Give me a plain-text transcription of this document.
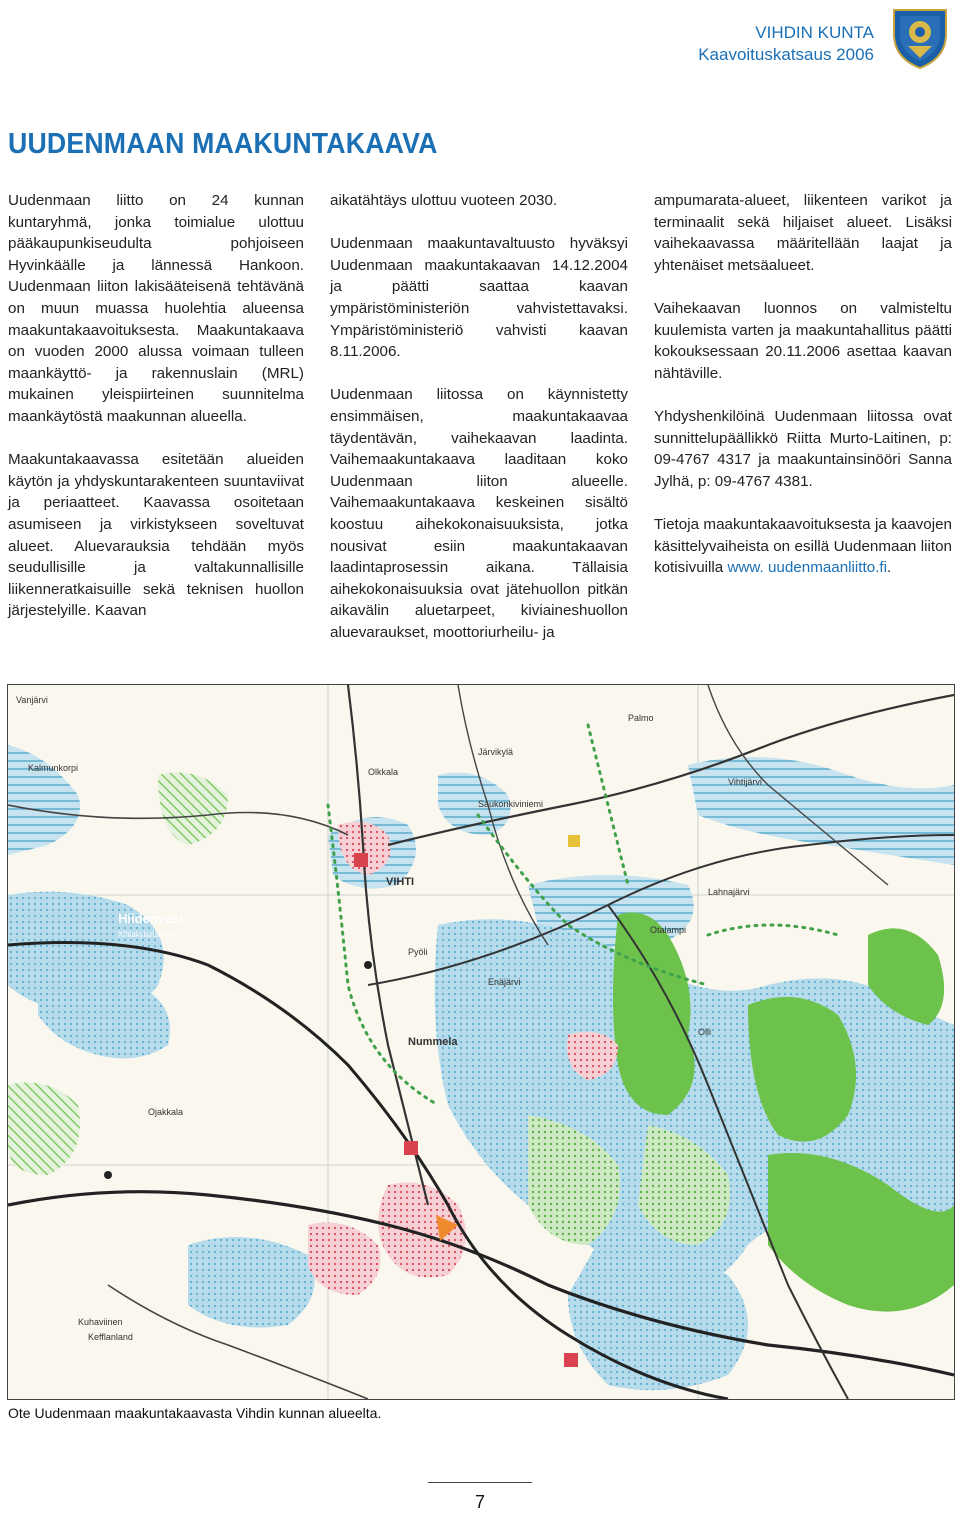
VIHDIN KUNTA
Kaavoituskatsaus 2006
UUDENMAAN MAAKUNTAKAAVA

Uudenmaan liitto on 24 kunnan kuntaryhmä, jonka toimialue ulottuu pääkaupunkiseudulta pohjoiseen Hyvinkäälle ja lännessä Hankoon. Uudenmaan liiton lakisääteisenä tehtävänä on muun muassa huolehtia alueensa maakuntakaavoituksesta. Maakuntakaava on vuoden 2000 alussa voimaan tulleen maankäyttö- ja rakennuslain (MRL) mukainen yleispiirteinen suunnitelma maankäytöstä maakunnan alueella.

Maakuntakaavassa esitetään alueiden käytön ja yhdyskuntarakenteen suuntaviivat ja periaatteet. Kaavassa osoitetaan asumiseen ja virkistykseen soveltuvat alueet. Aluevarauksia tehdään myös seudullisille ja valtakunnallisille liikenneratkaisuille sekä teknisen huollon järjestelyille. Kaavan

aikatähtäys ulottuu vuoteen 2030.

Uudenmaan maakuntavaltuusto hyväksyi Uudenmaan maakuntakaavan 14.12.2004 ja päätti saattaa kaavan ympäristöministeriön vahvistettavaksi. Ympäristöministeriö vahvisti kaavan 8.11.2006.

Uudenmaan liitossa on käynnistetty ensimmäisen, maakuntakaavaa täydentävän, vaihekaavan laadinta. Vaihemaakuntakaava laaditaan koko Uudenmaan liiton alueelle. Vaihemaakuntakaava keskeinen sisältö koostuu aihekokonaisuuksista, jotka nousivat esiin maakuntakaavan laadintaprosessin aikana. Tällaisia aihekokonaisuuksia ovat jätehuollon pitkän aikavälin aluetarpeet, kiviaineshuollon aluevaraukset, moottoriurheilu- ja

ampumarata-alueet, liikenteen varikot ja terminaalit sekä hiljaiset alueet. Lisäksi vaihekaavassa määritellään laajat ja yhtenäiset metsäalueet.

Vaihekaavan luonnos on valmisteltu kuulemista varten ja maakuntahallitus päätti kokouksessaan 20.11.2006 asettaa kaavan nähtäville.

Yhdyshenkilöinä Uudenmaan liitossa ovat sunnittelupäällikkö Riitta Murto-Laitinen, p: 09-4767 4317 ja maakuntainsinööri Sanna Jylhä, p: 09-4767 4381.

Tietoja maakuntakaavoituksesta ja kaavojen käsittelyvaiheista on esillä Uudenmaan liiton kotisivuilla www. uudenmaanliitto.fi.

Vanjärvi
Kalmunkorpi
Palmo
Järvikylä
Olkkala
Saukonkiviniemi
VIHTI
Nummela
Hiidenvesi
Kihlakylanselkä	Otalampi
Lahnajärvi
Olli
Enäjärvi
Vihtijärvi
Pyöli
Ojakkala
Kuhaviinen
Kefflanland
Ote Uudenmaan maakuntakaavasta Vihdin kunnan alueelta.
7
